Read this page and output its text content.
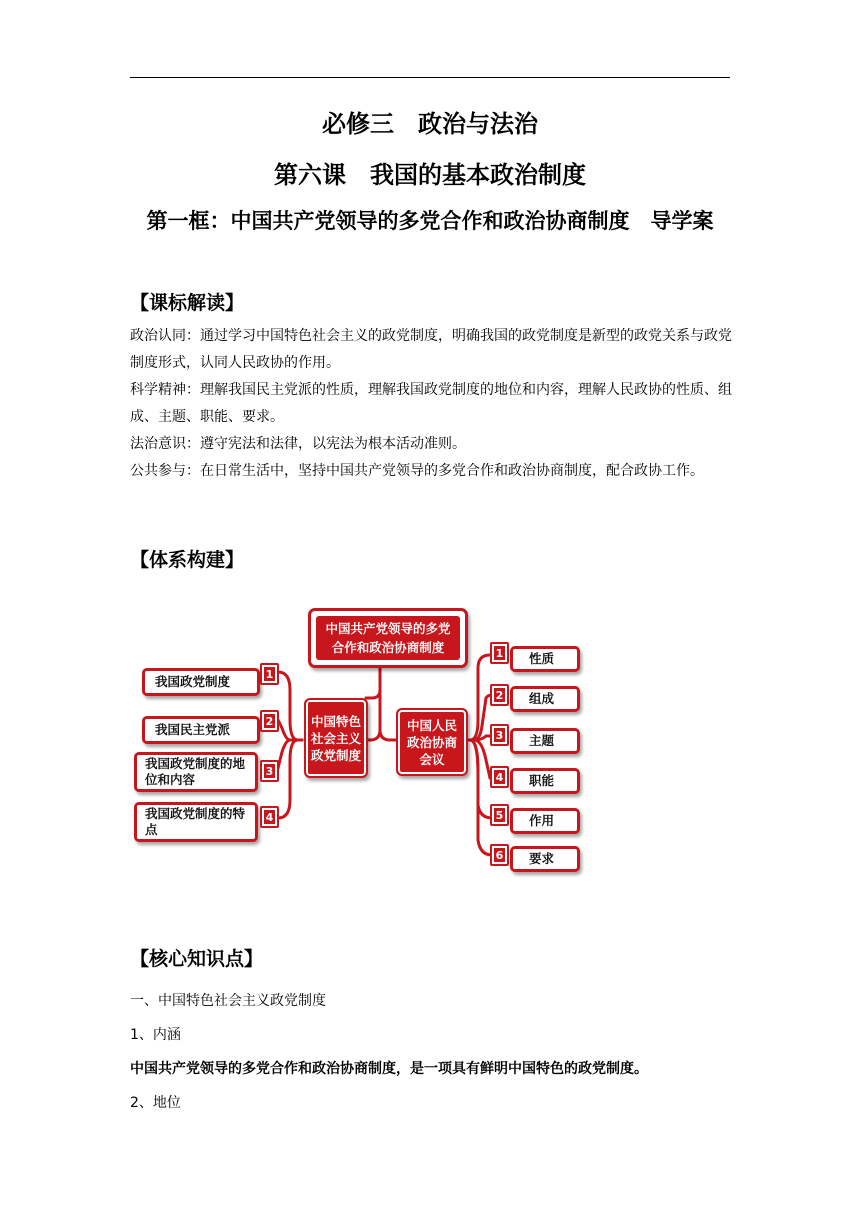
必修三　政治与法治
第六课　我国的基本政治制度
第一框：中国共产党领导的多党合作和政治协商制度　导学案
【课标解读】

政治认同：通过学习中国特色社会主义的政党制度，明确我国的政党制度是新型的政党关系与政党制度形式，认同人民政协的作用。

科学精神：理解我国民主党派的性质，理解我国政党制度的地位和内容，理解人民政协的性质、组成、主题、职能、要求。

法治意识：遵守宪法和法律，以宪法为根本活动准则。

公共参与：在日常生活中，坚持中国共产党领导的多党合作和政治协商制度，配合政协工作。

【体系构建】
中国共产党领导的多党合作和政治协商制度
中国特色社会主义政党制度
中国人民政治协商会议
我国政党制度	1
我国民主党派
2
我国政党制度的地位和内容
3
我国政党制度的特点
4
1	性质
2	组成
3	主题
4	职能
5	作用
6	要求
【核心知识点】
一、中国特色社会主义政党制度
1、内涵
中国共产党领导的多党合作和政治协商制度，是一项具有鲜明中国特色的政党制度。
2、地位
